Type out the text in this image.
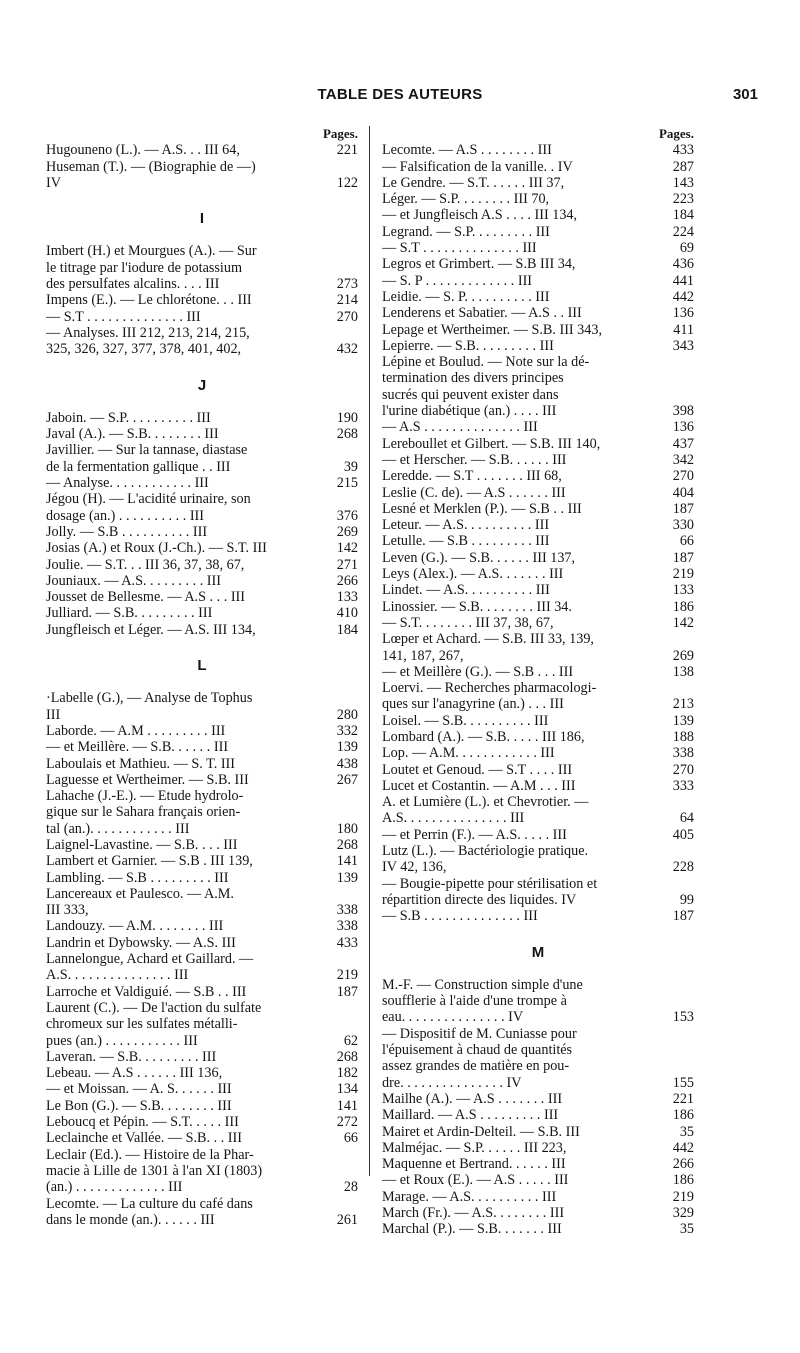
TABLE DES AUTEURS	301
Pages.
Hugouneno (L.). — A.S. . . III 64,	221
Huseman (T.). — (Biographie de —)
IV	122
I
Imbert (H.) et Mourgues (A.). — Sur
le titrage par l'iodure de potassium
des persulfates alcalins. . . . III	273
Impens (E.). — Le chlorétone. . . III	214
— S.T . . . . . . . . . . . . . . III	270
— Analyses. III 212, 213, 214, 215,
325, 326, 327, 377, 378, 401, 402,	432
J
Jaboin. — S.P. . . . . . . . . . III	190
Javal (A.). — S.B. . . . . . . . III	268
Javillier. — Sur la tannase, diastase
de la fermentation gallique . . III	39
— Analyse. . . . . . . . . . . . III	215
Jégou (H). — L'acidité urinaire, son
dosage (an.) . . . . . . . . . . III	376
Jolly. — S.B . . . . . . . . . . III	269
Josias (A.) et Roux (J.-Ch.). — S.T. III	142
Joulie. — S.T. . . III 36, 37, 38, 67,	271
Jouniaux. — A.S. . . . . . . . . III	266
Jousset de Bellesme. — A.S . . . III	133
Julliard. — S.B. . . . . . . . . III	410
Jungfleisch et Léger. — A.S. III 134,	184
L
·Labelle (G.), — Analyse de Tophus
III	280
Laborde. — A.M . . . . . . . . . III	332
— et Meillère. — S.B. . . . . . III	139
Laboulais et Mathieu. — S. T. III	438
Laguesse et Wertheimer. — S.B. III	267
Lahache (J.-E.). — Etude hydrolo-
gique sur le Sahara français orien-
tal (an.). . . . . . . . . . . . III	180
Laignel-Lavastine. — S.B. . . . III	268
Lambert et Garnier. — S.B . III 139,	141
Lambling. — S.B . . . . . . . . . III	139
Lancereaux et Paulesco. — A.M.
III 333,	338
Landouzy. — A.M. . . . . . . . III	338
Landrin et Dybowsky. — A.S. III	433
Lannelongue, Achard et Gaillard. —
A.S. . . . . . . . . . . . . . . III	219
Larroche et Valdiguié. — S.B . . III	187
Laurent (C.). — De l'action du sulfate
chromeux sur les sulfates métalli-
pues (an.) . . . . . . . . . . . III	62
Laveran. — S.B. . . . . . . . . III	268
Lebeau. — A.S . . . . . . III 136,	182
— et Moissan. — A. S. . . . . . III	134
Le Bon (G.). — S.B. . . . . . . . III	141
Leboucq et Pépin. — S.T. . . . . III	272
Leclainche et Vallée. — S.B. . . III	66
Leclair (Ed.). — Histoire de la Phar-
macie à Lille de 1301 à l'an XI (1803)
(an.) . . . . . . . . . . . . . III	28
Lecomte. — La culture du café dans
dans le monde (an.). . . . . . III	261
Pages.
Lecomte. — A.S . . . . . . . . III	433
— Falsification de la vanille. . IV	287
Le Gendre. — S.T. . . . . . III 37,	143
Léger. — S.P. . . . . . . . III 70,	223
— et Jungfleisch A.S . . . . III 134,	184
Legrand. — S.P. . . . . . . . . III	224
— S.T . . . . . . . . . . . . . . III	69
Legros et Grimbert. — S.B III 34,	436
— S. P . . . . . . . . . . . . . III	441
Leidie. — S. P. . . . . . . . . . III	442
Lenderens et Sabatier. — A.S . . III	136
Lepage et Wertheimer. — S.B. III 343,	411
Lepierre. — S.B. . . . . . . . . III	343
Lépine et Boulud. — Note sur la dé-
termination des divers principes
sucrés qui peuvent exister dans
l'urine diabétique (an.) . . . . III	398
— A.S . . . . . . . . . . . . . . III	136
Lereboullet et Gilbert. — S.B. III 140,	437
— et Herscher. — S.B. . . . . . III	342
Leredde. — S.T . . . . . . . III 68,	270
Leslie (C. de). — A.S . . . . . . III	404
Lesné et Merklen (P.). — S.B . . III	187
Leteur. — A.S. . . . . . . . . . III	330
Letulle. — S.B . . . . . . . . . III	66
Leven (G.). — S.B. . . . . . III 137,	187
Leys (Alex.). — A.S. . . . . . . III	219
Lindet. — A.S. . . . . . . . . . III	133
Linossier. — S.B. . . . . . . . III 34.	186
— S.T. . . . . . . . III 37, 38, 67,	142
Lœper et Achard. — S.B. III 33, 139,
141, 187, 267,	269
— et Meillère (G.). — S.B . . . III	138
Loervi. — Recherches pharmacologi-
ques sur l'anagyrine (an.) . . . III	213
Loisel. — S.B. . . . . . . . . . III	139
Lombard (A.). — S.B. . . . . III 186,	188
Lop. — A.M. . . . . . . . . . . . III	338
Loutet et Genoud. — S.T . . . . III	270
Lucet et Costantin. — A.M . . . III	333
A. et Lumière (L.). et Chevrotier. —
A.S. . . . . . . . . . . . . . . III	64
— et Perrin (F.). — A.S. . . . . III	405
Lutz (L.). — Bactériologie pratique.
IV 42, 136,	228
— Bougie-pipette pour stérilisation et
répartition directe des liquides. IV	99
— S.B . . . . . . . . . . . . . . III	187
M
M.-F. — Construction simple d'une
soufflerie à l'aide d'une trompe à
eau. . . . . . . . . . . . . . . IV	153
— Dispositif de M. Cuniasse pour
l'épuisement à chaud de quantités
assez grandes de matière en pou-
dre. . . . . . . . . . . . . . . IV	155
Mailhe (A.). — A.S . . . . . . . III	221
Maillard. — A.S . . . . . . . . . III	186
Mairet et Ardin-Delteil. — S.B. III	35
Malméjac. — S.P. . . . . . III 223,	442
Maquenne et Bertrand. . . . . . III	266
— et Roux (E.). — A.S . . . . . III	186
Marage. — A.S. . . . . . . . . . III	219
March (Fr.). — A.S. . . . . . . . III	329
Marchal (P.). — S.B. . . . . . . III	35
